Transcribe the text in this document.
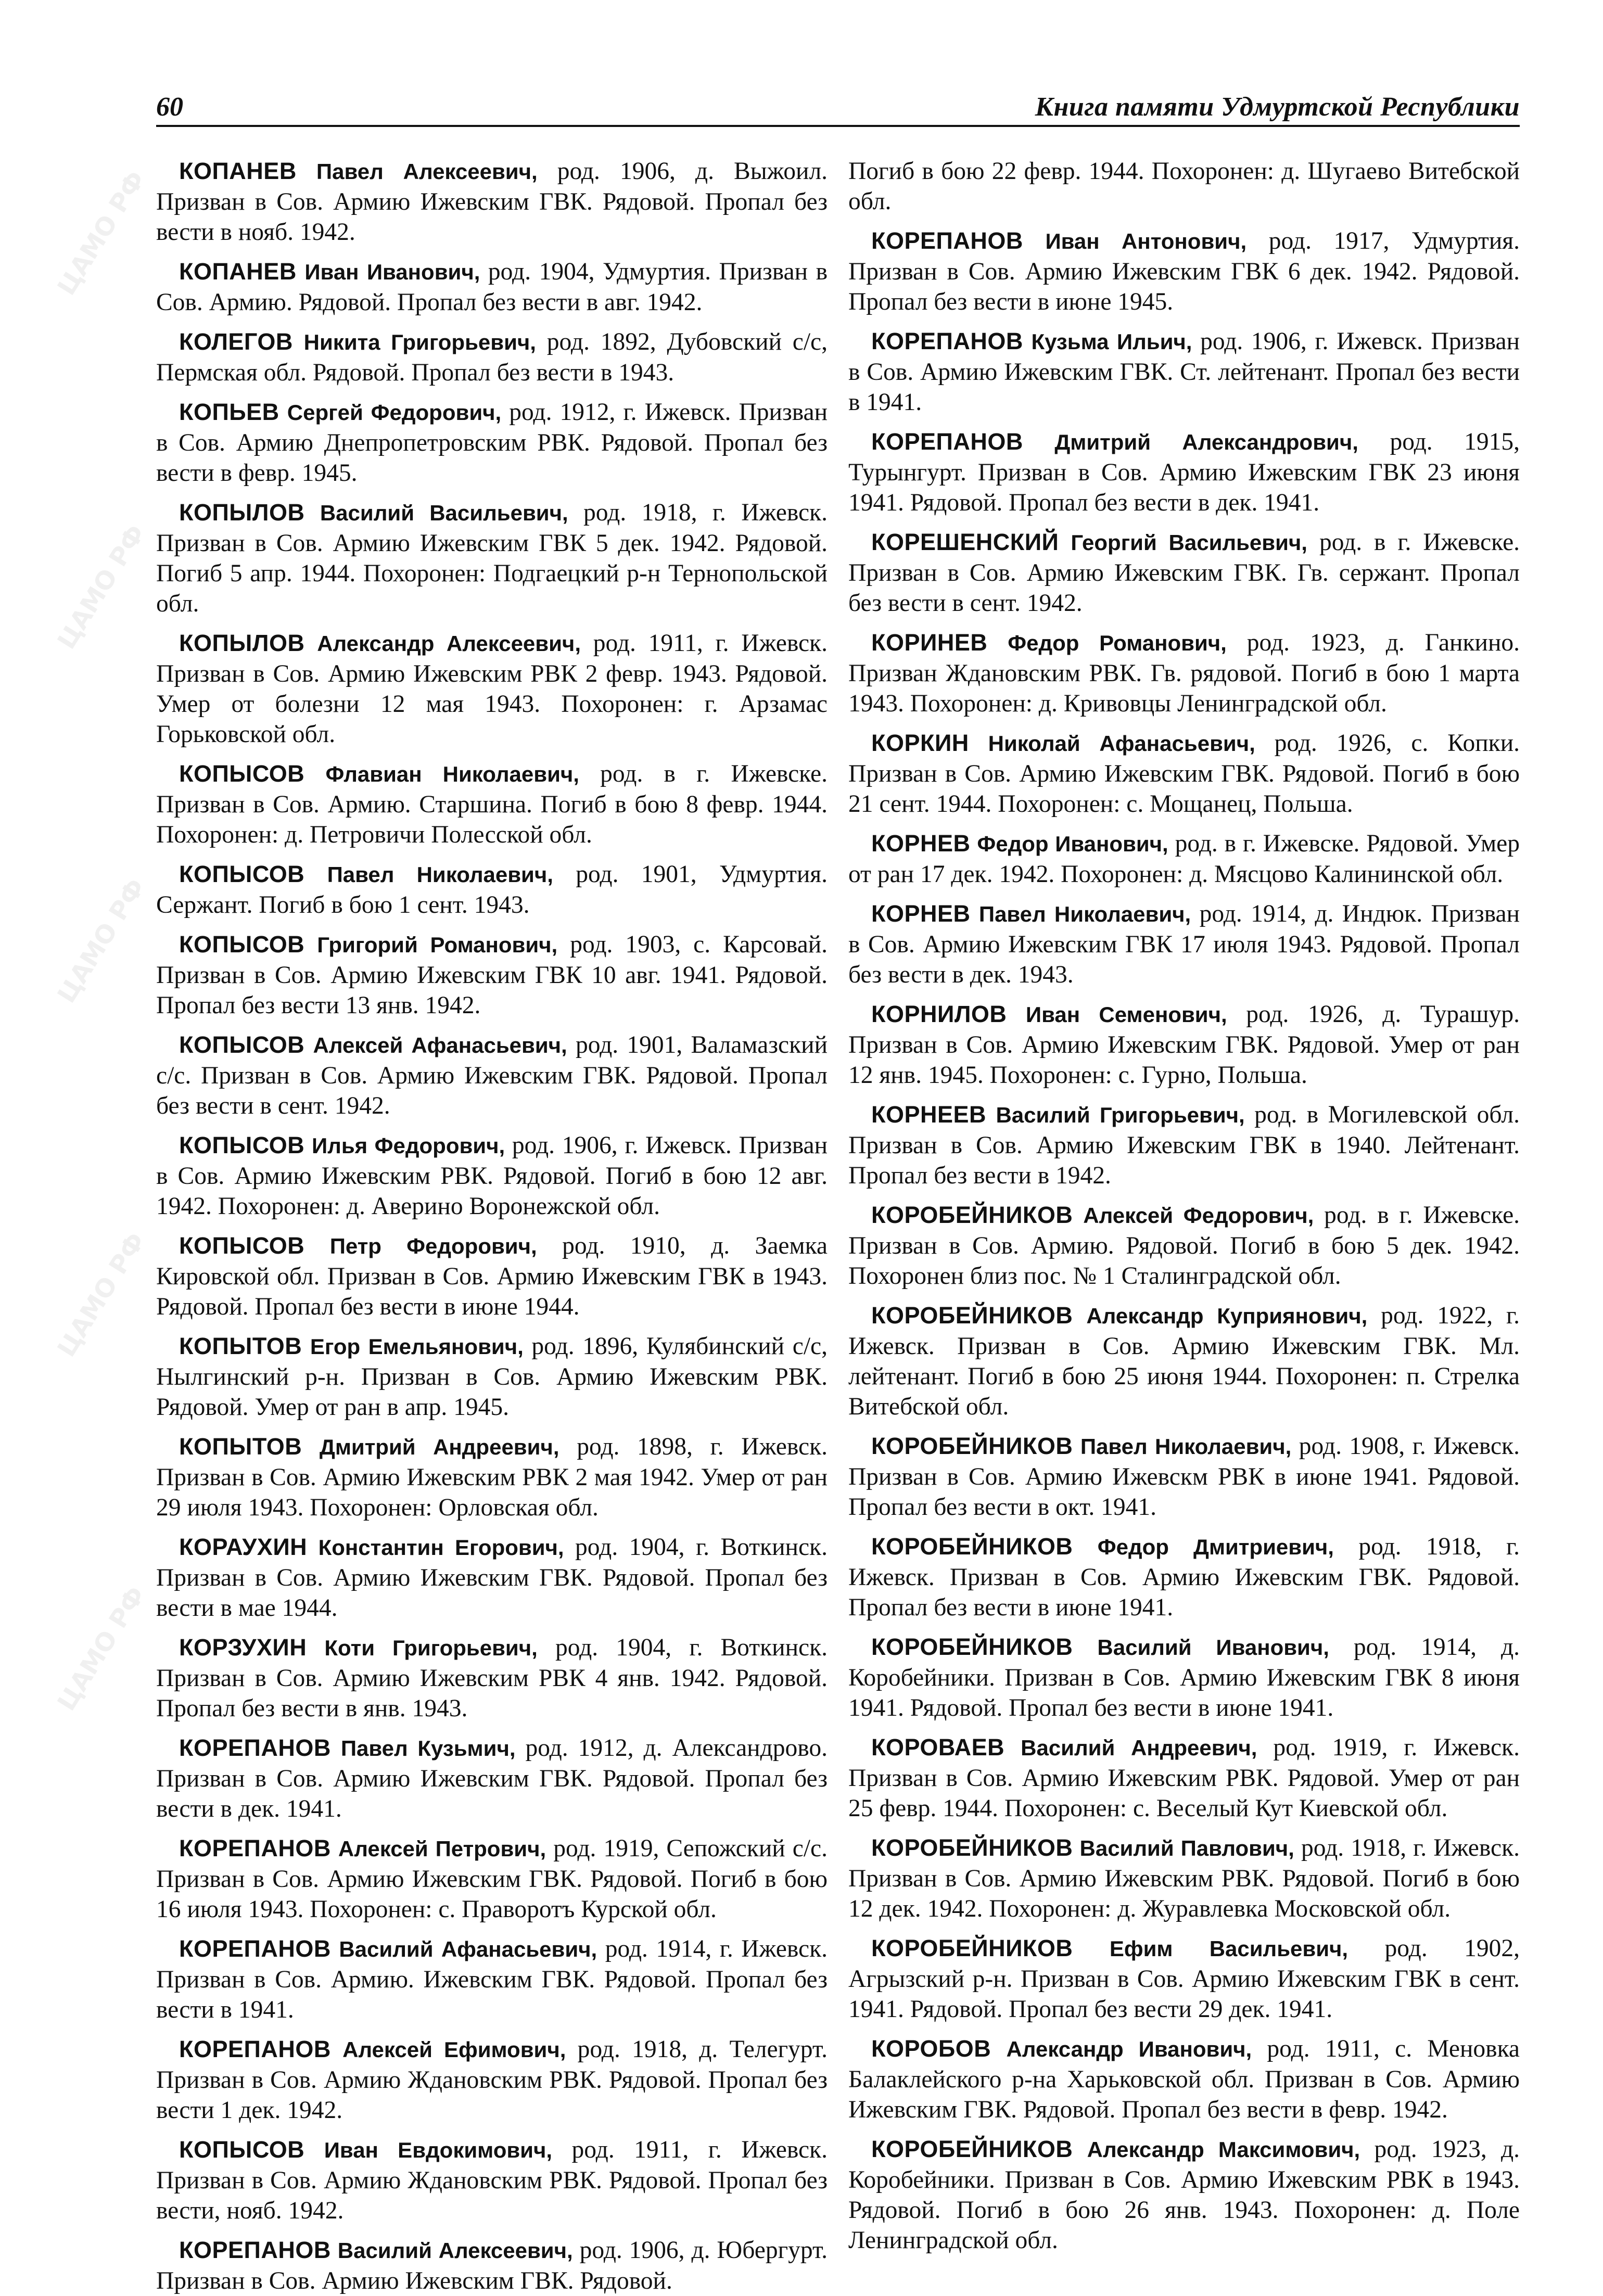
60	Книга памяти Удмуртской Республики

КОПАНЕВ Павел Алексеевич, род. 1906, д. Выжоил. Призван в Сов. Армию Ижевским ГВК. Рядовой. Пропал без вести в нояб. 1942.

КОПАНЕВ Иван Иванович, род. 1904, Удмуртия. Призван в Сов. Армию. Рядовой. Пропал без вести в авг. 1942.

КОЛЕГОВ Никита Григорьевич, род. 1892, Дубовский с/с, Пермская обл. Рядовой. Пропал без вести в 1943.

КОПЬЕВ Сергей Федорович, род. 1912, г. Ижевск. Призван в Сов. Армию Днепропетровским РВК. Рядовой. Пропал без вести в февр. 1945.

КОПЫЛОВ Василий Васильевич, род. 1918, г. Ижевск. Призван в Сов. Армию Ижевским ГВК 5 дек. 1942. Рядовой. Погиб 5 апр. 1944. Похоронен: Подгаецкий р-н Тернопольской обл.

КОПЫЛОВ Александр Алексеевич, род. 1911, г. Ижевск. Призван в Сов. Армию Ижевским РВК 2 февр. 1943. Рядовой. Умер от болезни 12 мая 1943. Похоронен: г. Арзамас Горьковской обл.

КОПЫСОВ Флавиан Николаевич, род. в г. Ижевске. Призван в Сов. Армию. Старшина. Погиб в бою 8 февр. 1944. Похоронен: д. Петровичи Полесской обл.

КОПЫСОВ Павел Николаевич, род. 1901, Удмуртия. Сержант. Погиб в бою 1 сент. 1943.

КОПЫСОВ Григорий Романович, род. 1903, с. Карсовай. Призван в Сов. Армию Ижевским ГВК 10 авг. 1941. Рядовой. Пропал без вести 13 янв. 1942.

КОПЫСОВ Алексей Афанасьевич, род. 1901, Валамазский с/с. Призван в Сов. Армию Ижевским ГВК. Рядовой. Пропал без вести в сент. 1942.

КОПЫСОВ Илья Федорович, род. 1906, г. Ижевск. Призван в Сов. Армию Ижевским РВК. Рядовой. Погиб в бою 12 авг. 1942. Похоронен: д. Аверино Воронежской обл.

КОПЫСОВ Петр Федорович, род. 1910, д. Заемка Кировской обл. Призван в Сов. Армию Ижевским ГВК в 1943. Рядовой. Пропал без вести в июне 1944.

КОПЫТОВ Егор Емельянович, род. 1896, Кулябинский с/с, Нылгинский р-н. Призван в Сов. Армию Ижевским РВК. Рядовой. Умер от ран в апр. 1945.

КОПЫТОВ Дмитрий Андреевич, род. 1898, г. Ижевск. Призван в Сов. Армию Ижевским РВК 2 мая 1942. Умер от ран 29 июля 1943. Похоронен: Орловская обл.

КОРАУХИН Константин Егорович, род. 1904, г. Воткинск. Призван в Сов. Армию Ижевским ГВК. Рядовой. Пропал без вести в мае 1944.

КОРЗУХИН Коти Григорьевич, род. 1904, г. Воткинск. Призван в Сов. Армию Ижевским РВК 4 янв. 1942. Рядовой. Пропал без вести в янв. 1943.

КОРЕПАНОВ Павел Кузьмич, род. 1912, д. Александрово. Призван в Сов. Армию Ижевским ГВК. Рядовой. Пропал без вести в дек. 1941.

КОРЕПАНОВ Алексей Петрович, род. 1919, Сепожский с/с. Призван в Сов. Армию Ижевским ГВК. Рядовой. Погиб в бою 16 июля 1943. Похоронен: с. Праворотъ Курской обл.

КОРЕПАНОВ Василий Афанасьевич, род. 1914, г. Ижевск. Призван в Сов. Армию. Ижевским ГВК. Рядовой. Пропал без вести в 1941.

КОРЕПАНОВ Алексей Ефимович, род. 1918, д. Телегурт. Призван в Сов. Армию Ждановским РВК. Рядовой. Пропал без вести 1 дек. 1942.

КОПЫСОВ Иван Евдокимович, род. 1911, г. Ижевск. Призван в Сов. Армию Ждановским РВК. Рядовой. Пропал без вести, нояб. 1942.

КОРЕПАНОВ Василий Алексеевич, род. 1906, д. Юбергурт. Призван в Сов. Армию Ижевским ГВК. Рядовой.

Погиб в бою 22 февр. 1944. Похоронен: д. Шугаево Витебской обл.

КОРЕПАНОВ Иван Антонович, род. 1917, Удмуртия. Призван в Сов. Армию Ижевским ГВК 6 дек. 1942. Рядовой. Пропал без вести в июне 1945.

КОРЕПАНОВ Кузьма Ильич, род. 1906, г. Ижевск. Призван в Сов. Армию Ижевским ГВК. Ст. лейтенант. Пропал без вести в 1941.

КОРЕПАНОВ Дмитрий Александрович, род. 1915, Турынгурт. Призван в Сов. Армию Ижевским ГВК 23 июня 1941. Рядовой. Пропал без вести в дек. 1941.

КОРЕШЕНСКИЙ Георгий Васильевич, род. в г. Ижевске. Призван в Сов. Армию Ижевским ГВК. Гв. сержант. Пропал без вести в сент. 1942.

КОРИНЕВ Федор Романович, род. 1923, д. Ганкино. Призван Ждановским РВК. Гв. рядовой. Погиб в бою 1 марта 1943. Похоронен: д. Кривовцы Ленинградской обл.

КОРКИН Николай Афанасьевич, род. 1926, с. Копки. Призван в Сов. Армию Ижевским ГВК. Рядовой. Погиб в бою 21 сент. 1944. Похоронен: с. Мощанец, Польша.

КОРНЕВ Федор Иванович, род. в г. Ижевске. Рядовой. Умер от ран 17 дек. 1942. Похоронен: д. Мясцово Калининской обл.

КОРНЕВ Павел Николаевич, род. 1914, д. Индюк. Призван в Сов. Армию Ижевским ГВК 17 июля 1943. Рядовой. Пропал без вести в дек. 1943.

КОРНИЛОВ Иван Семенович, род. 1926, д. Турашур. Призван в Сов. Армию Ижевским ГВК. Рядовой. Умер от ран 12 янв. 1945. Похоронен: с. Гурно, Польша.

КОРНЕЕВ Василий Григорьевич, род. в Могилевской обл. Призван в Сов. Армию Ижевским ГВК в 1940. Лейтенант. Пропал без вести в 1942.

КОРОБЕЙНИКОВ Алексей Федорович, род. в г. Ижевске. Призван в Сов. Армию. Рядовой. Погиб в бою 5 дек. 1942. Похоронен близ пос. № 1 Сталинградской обл.

КОРОБЕЙНИКОВ Александр Куприянович, род. 1922, г. Ижевск. Призван в Сов. Армию Ижевским ГВК. Мл. лейтенант. Погиб в бою 25 июня 1944. Похоронен: п. Стрелка Витебской обл.

КОРОБЕЙНИКОВ Павел Николаевич, род. 1908, г. Ижевск. Призван в Сов. Армию Ижевскм РВК в июне 1941. Рядовой. Пропал без вести в окт. 1941.

КОРОБЕЙНИКОВ Федор Дмитриевич, род. 1918, г. Ижевск. Призван в Сов. Армию Ижевским ГВК. Рядовой. Пропал без вести в июне 1941.

КОРОБЕЙНИКОВ Василий Иванович, род. 1914, д. Коробейники. Призван в Сов. Армию Ижевским ГВК 8 июня 1941. Рядовой. Пропал без вести в июне 1941.

КОРОВАЕВ Василий Андреевич, род. 1919, г. Ижевск. Призван в Сов. Армию Ижевским РВК. Рядовой. Умер от ран 25 февр. 1944. Похоронен: с. Веселый Кут Киевской обл.

КОРОБЕЙНИКОВ Василий Павлович, род. 1918, г. Ижевск. Призван в Сов. Армию Ижевским РВК. Рядовой. Погиб в бою 12 дек. 1942. Похоронен: д. Журавлевка Московской обл.

КОРОБЕЙНИКОВ Ефим Васильевич, род. 1902, Агрызский р-н. Призван в Сов. Армию Ижевским ГВК в сент. 1941. Рядовой. Пропал без вести 29 дек. 1941.

КОРОБОВ Александр Иванович, род. 1911, с. Меновка Балаклейского р-на Харьковской обл. Призван в Сов. Армию Ижевским ГВК. Рядовой. Пропал без вести в февр. 1942.

КОРОБЕЙНИКОВ Александр Максимович, род. 1923, д. Коробейники. Призван в Сов. Армию Ижевским РВК в 1943. Рядовой. Погиб в бою 26 янв. 1943. Похоронен: д. Поле Ленинградской обл.

ЦАМО РФ
ЦАМО РФ
ЦАМО РФ
ЦАМО РФ
ЦАМО РФ
